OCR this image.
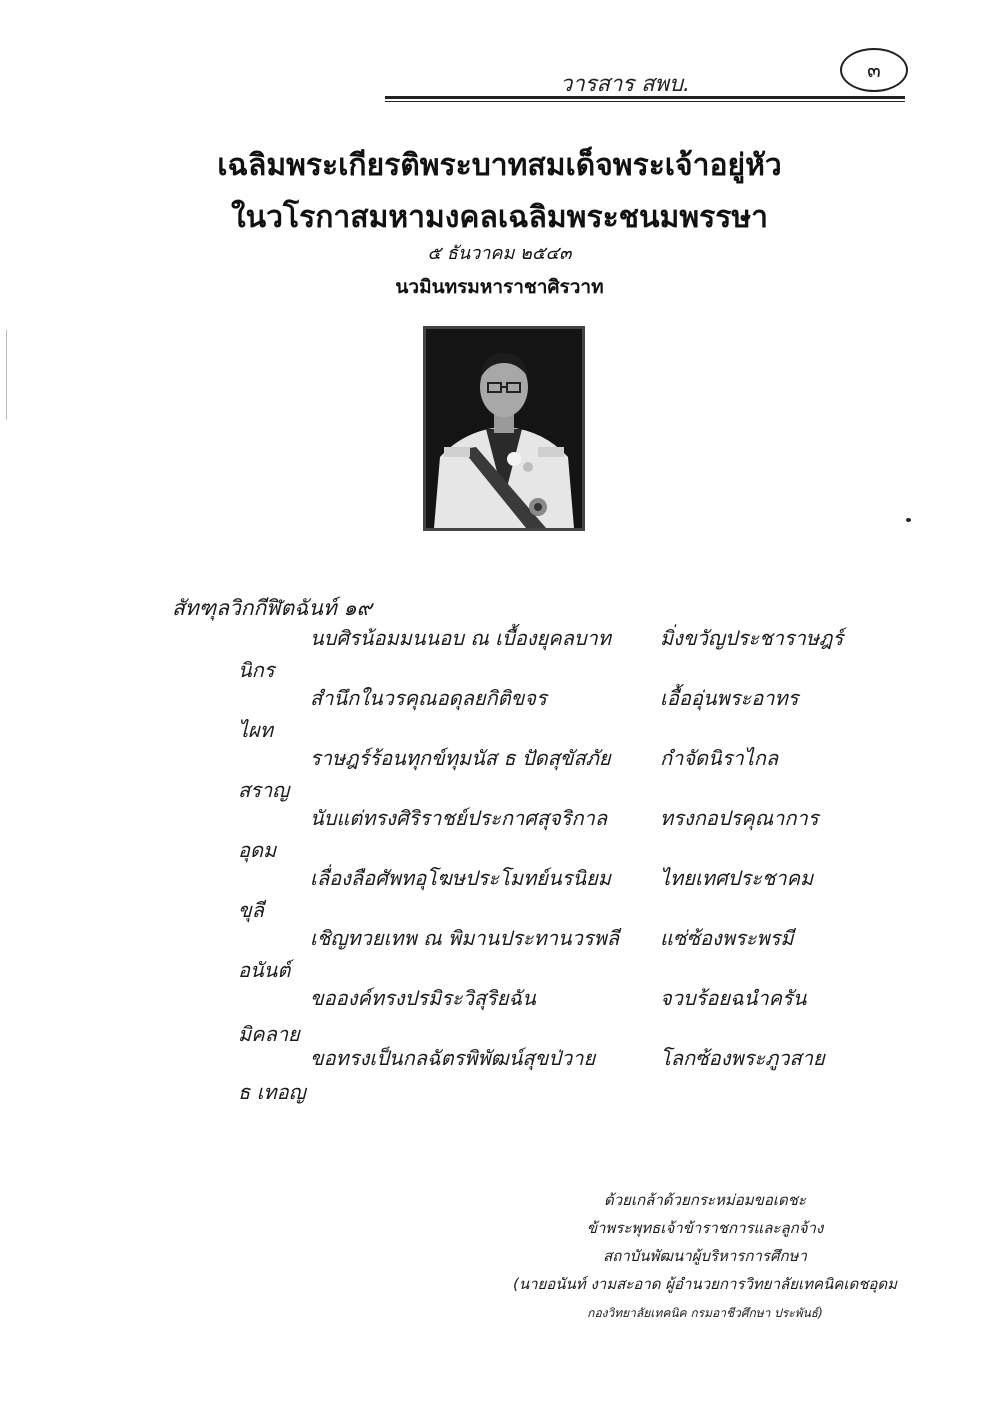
วารสาร สพบ.
๓
เฉลิมพระเกียรติพระบาทสมเด็จพระเจ้าอยู่หัว
ในวโรกาสมหามงคลเฉลิมพระชนมพรรษา
๕ ธันวาคม ๒๕๔๓
นวมินทรมหาราชาศิรวาท
สัทฑุลวิกกีฬิตฉันท์ ๑๙
นบศิรน้อมมนนอบ ณ เบื้องยุคลบาท มิ่งขวัญประชาราษฎร์
นิกร
สำนึกในวรคุณอดุลยกิติขจร	เอื้ออุ่นพระอาทร
ไผท
ราษฎร์ร้อนทุกข์ทุมนัส ธ ปัดสุขัสภัย กำจัดนิราไกล
สราญ
นับแต่ทรงศิริราชย์ประกาศสุจริกาล	ทรงกอปรคุณาการ
อุดม
เลื่องลือศัพทอุโฆษประโมทย์นรนิยม ไทยเทศประชาคม
ขุลี
เชิญทวยเทพ ณ พิมานประทานวรพลี แซ่ซ้องพระพรมี
อนันต์
ขอองค์ทรงปรมิระวิสุริยฉัน	จวบร้อยฉนำครัน
มิคลาย
ขอทรงเป็นกลฉัตรพิพัฒน์สุขป่วาย	โลกซ้องพระภูวสาย
ธ เทอญ
ด้วยเกล้าด้วยกระหม่อมขอเดชะ
ข้าพระพุทธเจ้าข้าราชการและลูกจ้าง
สถาบันพัฒนาผู้บริหารการศึกษา
(นายอนันท์ งามสะอาด ผู้อำนวยการวิทยาลัยเทคนิคเดชอุดม
กองวิทยาลัยเทคนิค กรมอาชีวศึกษา ประพันธ์)
